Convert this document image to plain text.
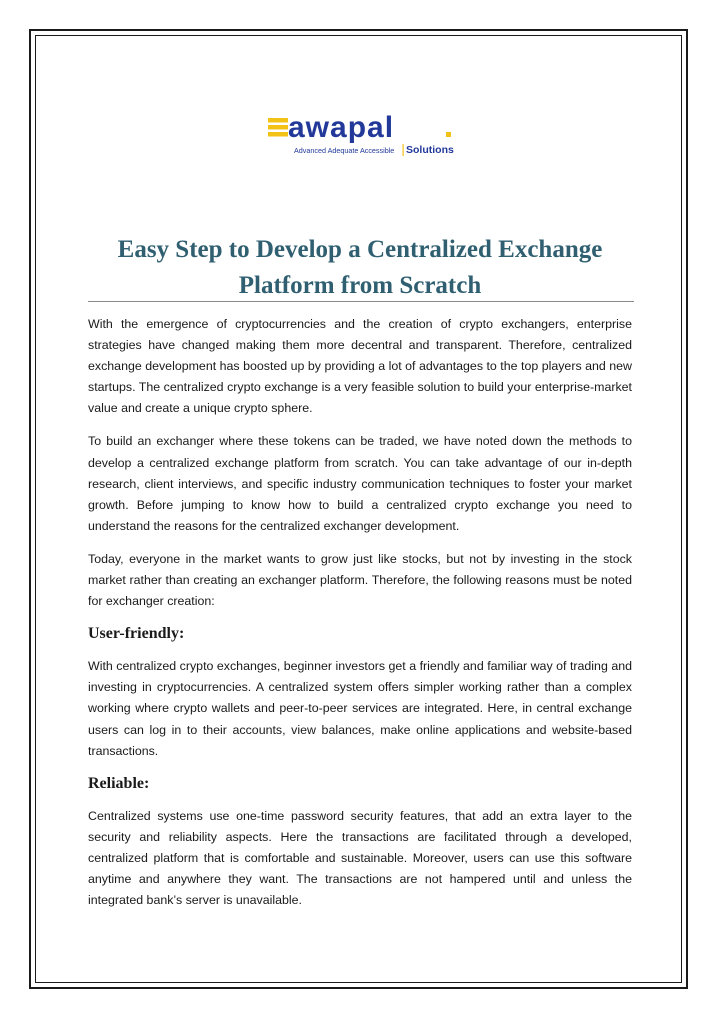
awapal
Advanced Adequate Accessible Solutions
Easy Step to Develop a Centralized Exchange
Platform from Scratch

With the emergence of cryptocurrencies and the creation of crypto exchangers, enterprise strategies have changed making them more decentral and transparent. Therefore, centralized exchange development has boosted up by providing a lot of advantages to the top players and new startups. The centralized crypto exchange is a very feasible solution to build your enterprise-market value and create a unique crypto sphere.

To build an exchanger where these tokens can be traded, we have noted down the methods to develop a centralized exchange platform from scratch. You can take advantage of our in-depth research, client interviews, and specific industry communication techniques to foster your market growth. Before jumping to know how to build a centralized crypto exchange you need to understand the reasons for the centralized exchanger development.

Today, everyone in the market wants to grow just like stocks, but not by investing in the stock market rather than creating an exchanger platform. Therefore, the following reasons must be noted for exchanger creation:

User-friendly:

With centralized crypto exchanges, beginner investors get a friendly and familiar way of trading and investing in cryptocurrencies. A centralized system offers simpler working rather than a complex working where crypto wallets and peer-to-peer services are integrated. Here, in central exchange users can log in to their accounts, view balances, make online applications and website-based transactions.

Reliable:

Centralized systems use one-time password security features, that add an extra layer to the security and reliability aspects. Here the transactions are facilitated through a developed, centralized platform that is comfortable and sustainable. Moreover, users can use this software anytime and anywhere they want. The transactions are not hampered until and unless the integrated bank’s server is unavailable.
